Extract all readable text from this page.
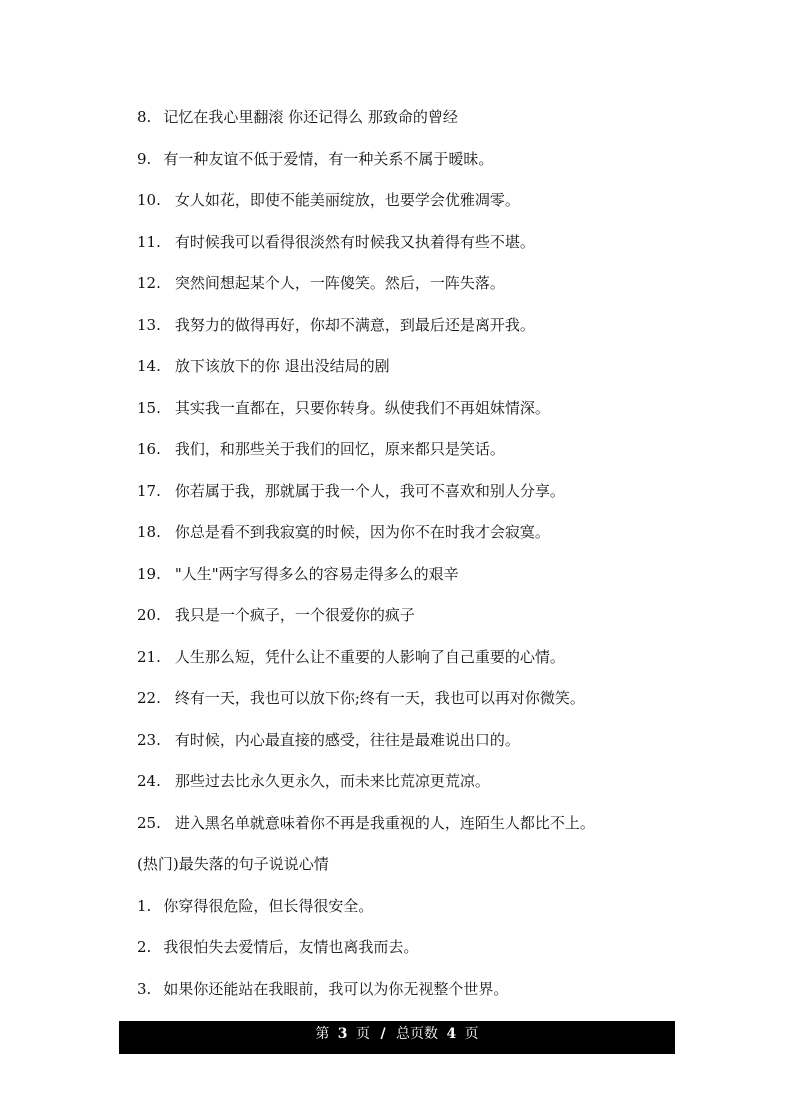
8. 记忆在我心里翻滚 你还记得么 那致命的曾经
9. 有一种友谊不低于爱情，有一种关系不属于暧昧。
10. 女人如花，即使不能美丽绽放，也要学会优雅凋零。
11. 有时候我可以看得很淡然有时候我又执着得有些不堪。
12. 突然间想起某个人，一阵傻笑。然后，一阵失落。
13. 我努力的做得再好，你却不满意，到最后还是离开我。
14. 放下该放下的你 退出没结局的剧
15. 其实我一直都在，只要你转身。纵使我们不再姐妹情深。
16. 我们，和那些关于我们的回忆，原来都只是笑话。
17. 你若属于我，那就属于我一个人，我可不喜欢和别人分享。
18. 你总是看不到我寂寞的时候，因为你不在时我才会寂寞。
19. "人生"两字写得多么的容易走得多么的艰辛
20. 我只是一个疯子，一个很爱你的疯子
21. 人生那么短，凭什么让不重要的人影响了自己重要的心情。
22. 终有一天，我也可以放下你;终有一天，我也可以再对你微笑。
23. 有时候，内心最直接的感受，往往是最难说出口的。
24. 那些过去比永久更永久，而未来比荒凉更荒凉。
25. 进入黑名单就意味着你不再是我重视的人，连陌生人都比不上。
(热门)最失落的句子说说心情
1. 你穿得很危险，但长得很安全。
2. 我很怕失去爱情后，友情也离我而去。
3. 如果你还能站在我眼前，我可以为你无视整个世界。
第 3 页 / 总页数 4 页
